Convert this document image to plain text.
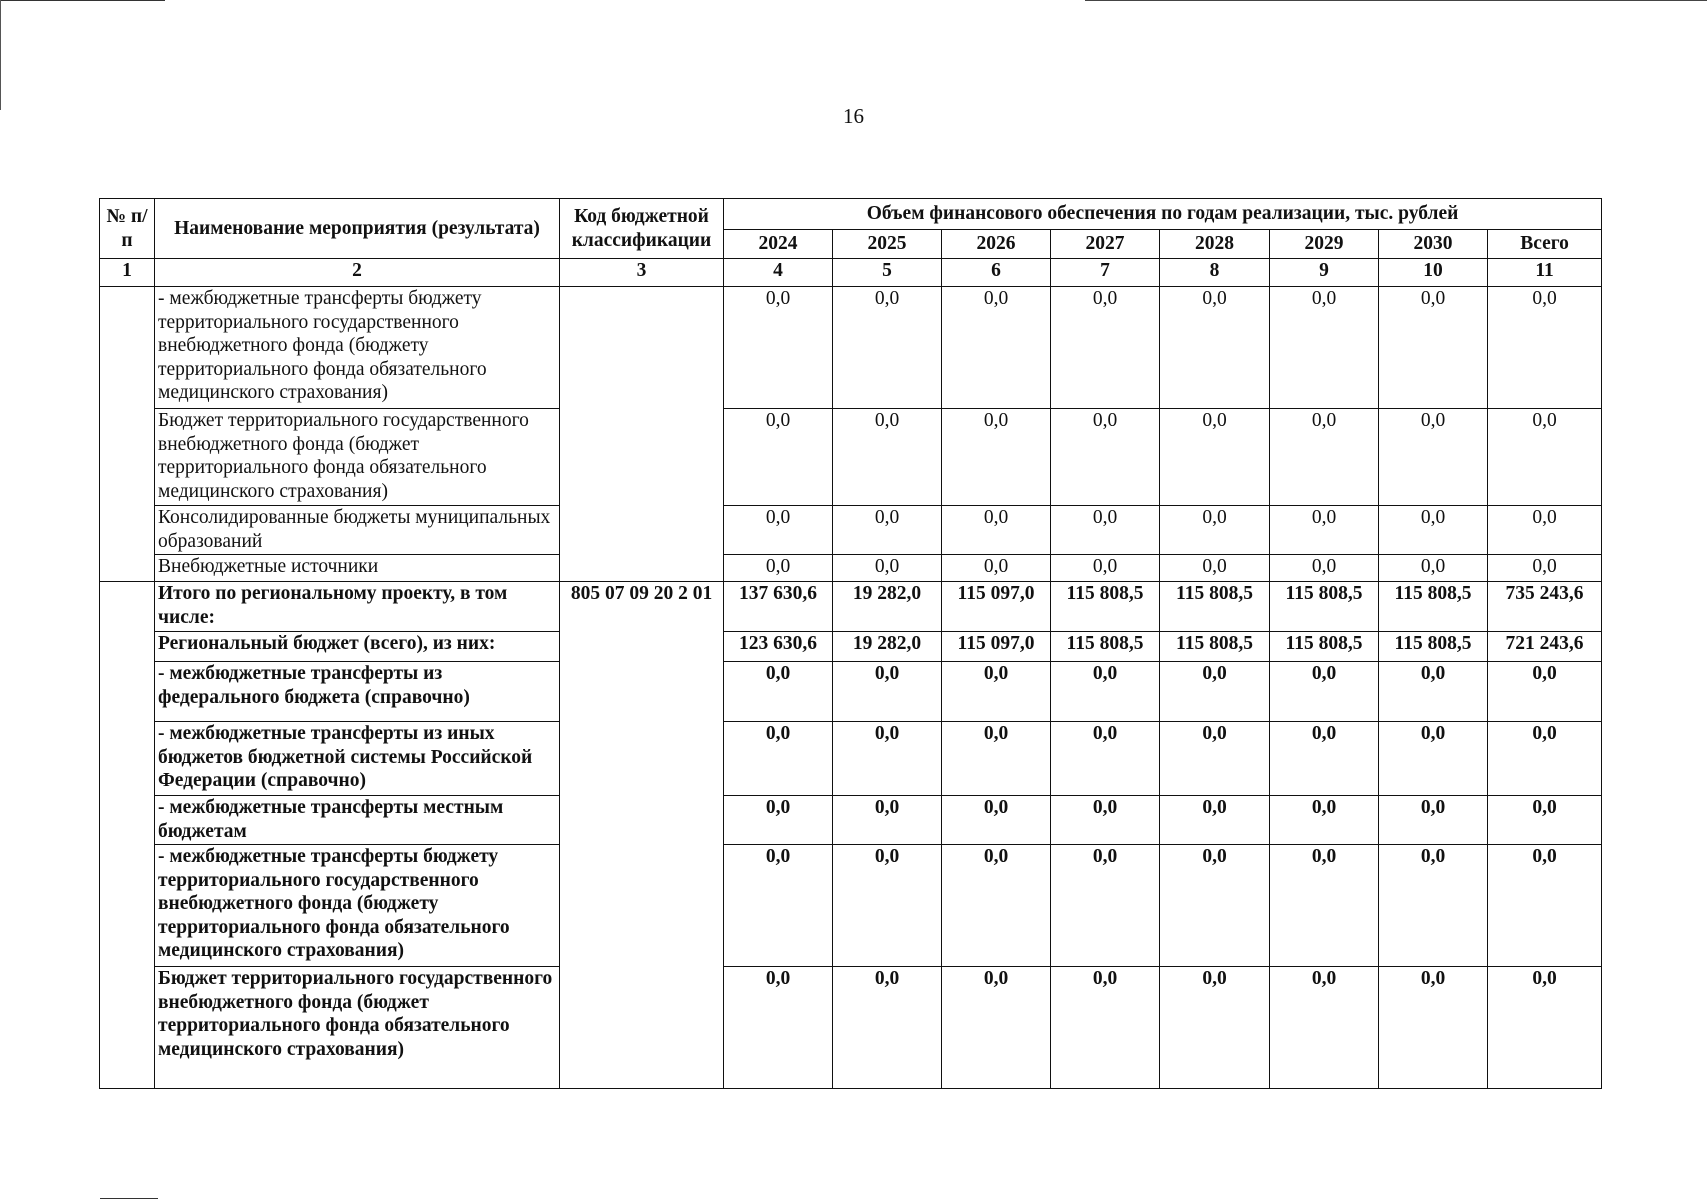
16
№ п/п	Наименование мероприятия (результата)	Код бюджетной классификации	Объем финансового обеспечения по годам реализации, тыс. рублей							
			2024	2025	2026	2027	2028	2029	2030	Всего
1	2	3	4	5	6	7	8	9	10	11
	- межбюджетные трансферты бюджету территориального государственного внебюджетного фонда (бюджету территориального фонда обязательного медицинского страхования)		0,0	0,0	0,0	0,0	0,0	0,0	0,0	0,0
	Бюджет территориального государственного внебюджетного фонда (бюджет территориального фонда обязательного медицинского страхования)		0,0	0,0	0,0	0,0	0,0	0,0	0,0	0,0
	Консолидированные бюджеты муниципальных образований		0,0	0,0	0,0	0,0	0,0	0,0	0,0	0,0
	Внебюджетные источники		0,0	0,0	0,0	0,0	0,0	0,0	0,0	0,0
	Итого по региональному проекту, в том числе:	805 07 09 20 2 01	137 630,6	19 282,0	115 097,0	115 808,5	115 808,5	115 808,5	115 808,5	735 243,6
	Региональный бюджет (всего), из них:		123 630,6	19 282,0	115 097,0	115 808,5	115 808,5	115 808,5	115 808,5	721 243,6
	- межбюджетные трансферты из федерального бюджета (справочно)		0,0	0,0	0,0	0,0	0,0	0,0	0,0	0,0
	- межбюджетные трансферты из иных бюджетов бюджетной системы Российской Федерации (справочно)		0,0	0,0	0,0	0,0	0,0	0,0	0,0	0,0
	- межбюджетные трансферты местным бюджетам		0,0	0,0	0,0	0,0	0,0	0,0	0,0	0,0
	- межбюджетные трансферты бюджету территориального государственного внебюджетного фонда (бюджету территориального фонда обязательного медицинского страхования)		0,0	0,0	0,0	0,0	0,0	0,0	0,0	0,0
	Бюджет территориального государственного внебюджетного фонда (бюджет территориального фонда обязательного медицинского страхования)		0,0	0,0	0,0	0,0	0,0	0,0	0,0	0,0
